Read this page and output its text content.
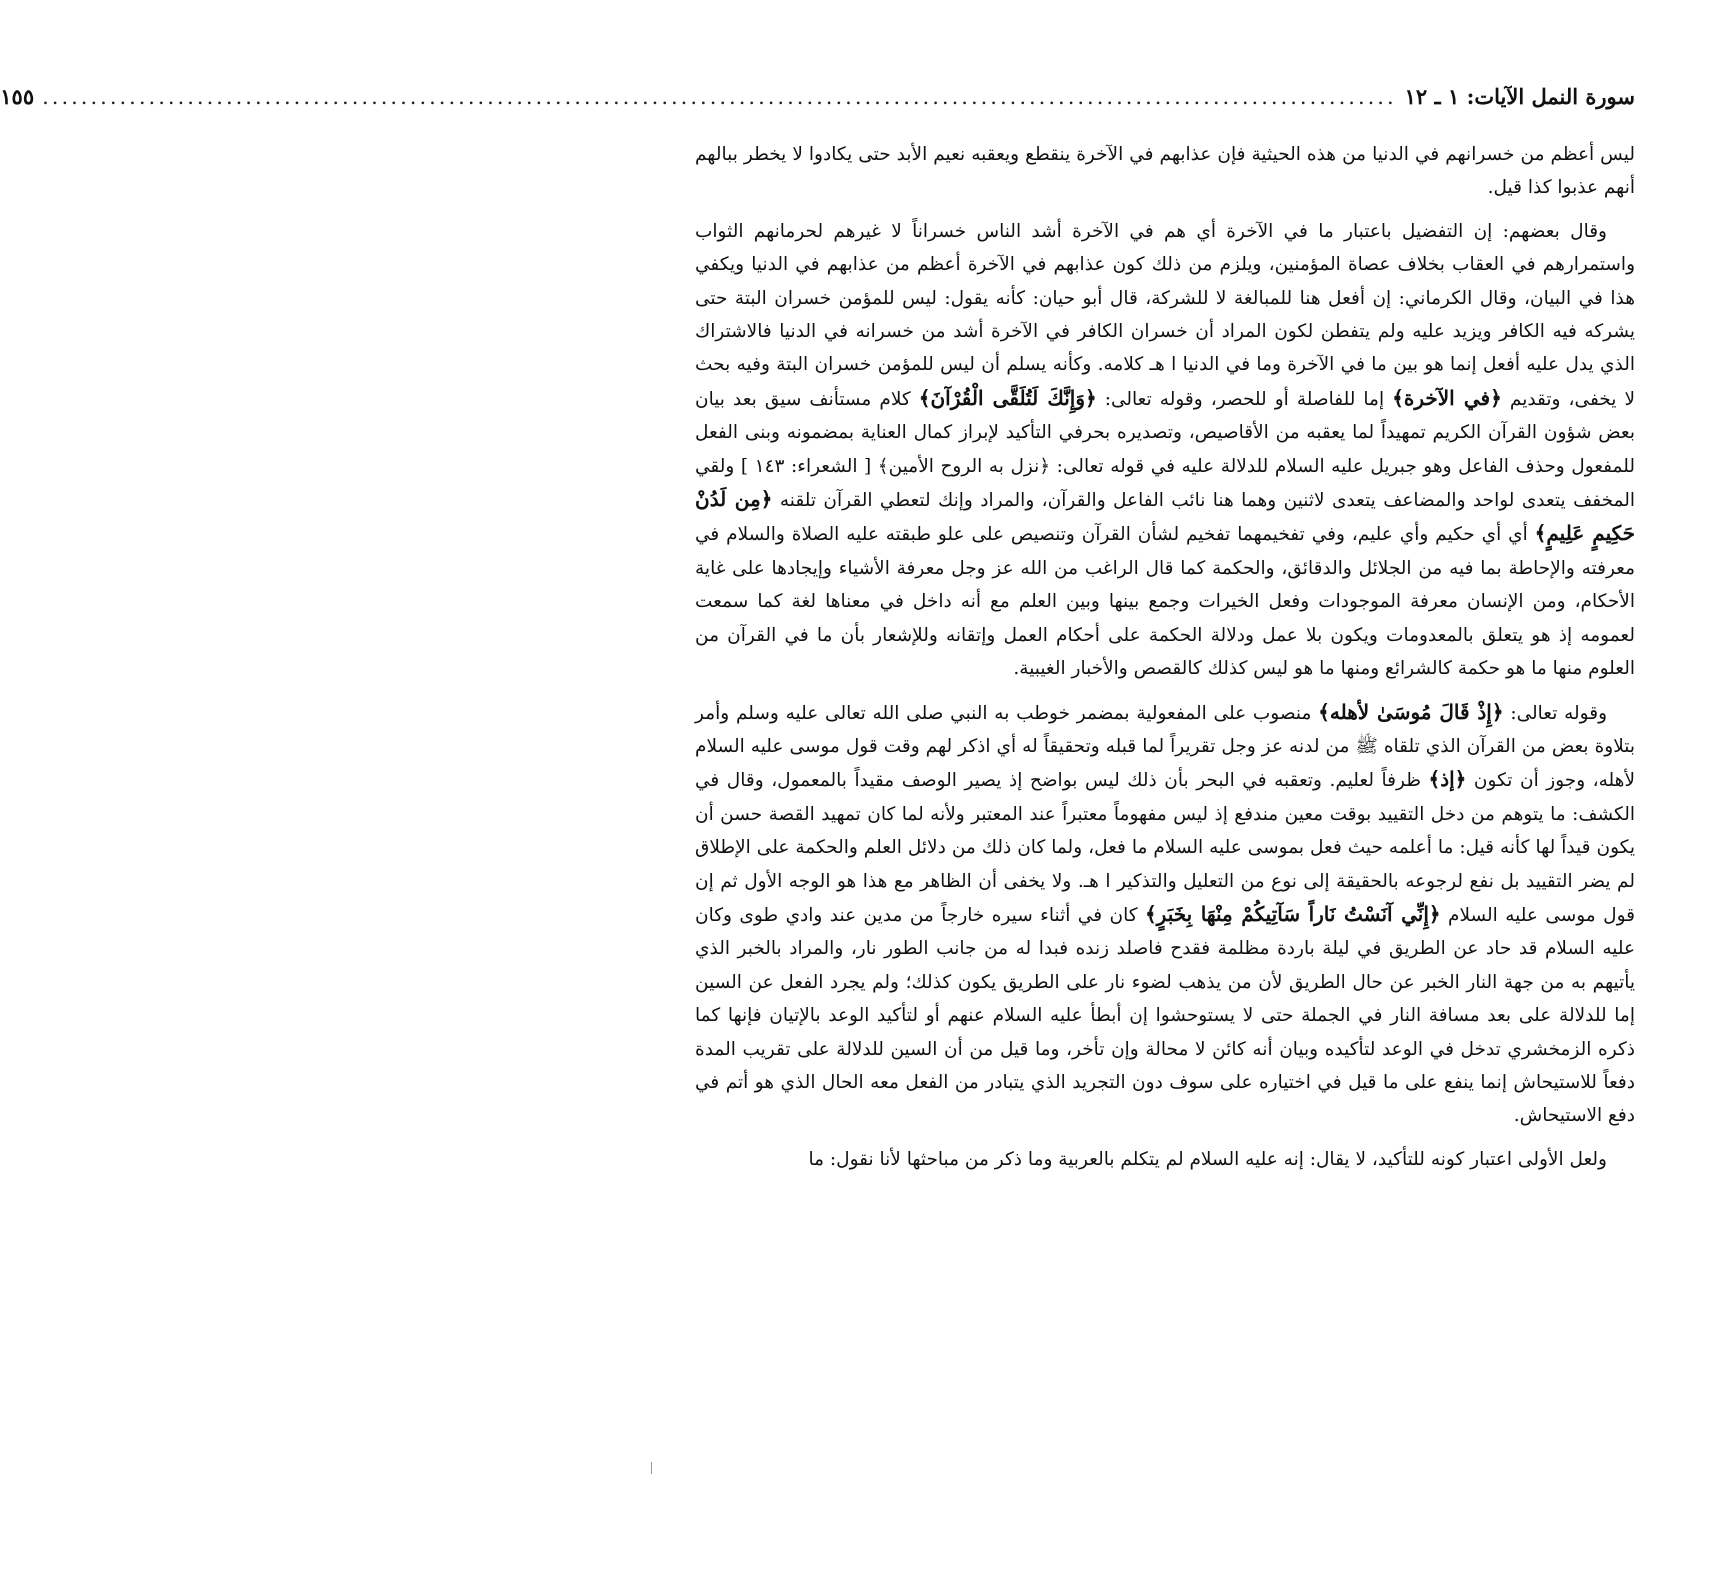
سورة النمل الآيات: ١ ـ ١٢
............................................................................................................................................
١٥٥

ليس أعظم من خسرانهم في الدنيا من هذه الحيثية فإن عذابهم في الآخرة ينقطع ويعقبه نعيم الأبد حتى يكادوا لا يخطر ببالهم أنهم عذبوا كذا قيل.

وقال بعضهم: إن التفضيل باعتبار ما في الآخرة أي هم في الآخرة أشد الناس خسراناً لا غيرهم لحرمانهم الثواب واستمرارهم في العقاب بخلاف عصاة المؤمنين، ويلزم من ذلك كون عذابهم في الآخرة أعظم من عذابهم في الدنيا ويكفي هذا في البيان، وقال الكرماني: إن أفعل هنا للمبالغة لا للشركة، قال أبو حيان: كأنه يقول: ليس للمؤمن خسران البتة حتى يشركه فيه الكافر ويزيد عليه ولم يتفطن لكون المراد أن خسران الكافر في الآخرة أشد من خسرانه في الدنيا فالاشتراك الذي يدل عليه أفعل إنما هو بين ما في الآخرة وما في الدنيا ا هـ كلامه. وكأنه يسلم أن ليس للمؤمن خسران البتة وفيه بحث لا يخفى، وتقديم ﴿في الآخرة﴾ إما للفاصلة أو للحصر، وقوله تعالى: ﴿وَإِنَّكَ لَتُلَقَّى الْقُرْآنَ﴾ كلام مستأنف سيق بعد بيان بعض شؤون القرآن الكريم تمهيداً لما يعقبه من الأقاصيص، وتصديره بحرفي التأكيد لإبراز كمال العناية بمضمونه وبنى الفعل للمفعول وحذف الفاعل وهو جبريل عليه السلام للدلالة عليه في قوله تعالى: ﴿نزل به الروح الأمين﴾ [ الشعراء: ١٤٣ ] ولقي المخفف يتعدى لواحد والمضاعف يتعدى لاثنين وهما هنا نائب الفاعل والقرآن، والمراد وإنك لتعطي القرآن تلقنه ﴿مِن لَدُنْ حَكِيمٍ عَلِيمٍ﴾ أي أي حكيم وأي عليم، وفي تفخيمهما تفخيم لشأن القرآن وتنصيص على علو طبقته عليه الصلاة والسلام في معرفته والإحاطة بما فيه من الجلائل والدقائق، والحكمة كما قال الراغب من الله عز وجل معرفة الأشياء وإيجادها على غاية الأحكام، ومن الإنسان معرفة الموجودات وفعل الخيرات وجمع بينها وبين العلم مع أنه داخل في معناها لغة كما سمعت لعمومه إذ هو يتعلق بالمعدومات ويكون بلا عمل ودلالة الحكمة على أحكام العمل وإتقانه وللإشعار بأن ما في القرآن من العلوم منها ما هو حكمة كالشرائع ومنها ما هو ليس كذلك كالقصص والأخبار الغيبية.

وقوله تعالى: ﴿إِذْ قَالَ مُوسَىٰ لأهله﴾ منصوب على المفعولية بمضمر خوطب به النبي صلى الله تعالى عليه وسلم وأمر بتلاوة بعض من القرآن الذي تلقاه ﷺ من لدنه عز وجل تقريراً لما قبله وتحقيقاً له أي اذكر لهم وقت قول موسى عليه السلام لأهله، وجوز أن تكون ﴿إذ﴾ ظرفاً لعليم. وتعقبه في البحر بأن ذلك ليس بواضح إذ يصير الوصف مقيداً بالمعمول، وقال في الكشف: ما يتوهم من دخل التقييد بوقت معين مندفع إذ ليس مفهوماً معتبراً عند المعتبر ولأنه لما كان تمهيد القصة حسن أن يكون قيداً لها كأنه قيل: ما أعلمه حيث فعل بموسى عليه السلام ما فعل، ولما كان ذلك من دلائل العلم والحكمة على الإطلاق لم يضر التقييد بل نفع لرجوعه بالحقيقة إلى نوع من التعليل والتذكير ا هـ. ولا يخفى أن الظاهر مع هذا هو الوجه الأول ثم إن قول موسى عليه السلام ﴿إِنِّي آنَسْتُ نَاراً سَآتِيكُمْ مِنْهَا بِخَبَرٍ﴾ كان في أثناء سيره خارجاً من مدين عند وادي طوى وكان عليه السلام قد حاد عن الطريق في ليلة باردة مظلمة فقدح فاصلد زنده فبدا له من جانب الطور نار، والمراد بالخبر الذي يأتيهم به من جهة النار الخبر عن حال الطريق لأن من يذهب لضوء نار على الطريق يكون كذلك؛ ولم يجرد الفعل عن السين إما للدلالة على بعد مسافة النار في الجملة حتى لا يستوحشوا إن أبطأ عليه السلام عنهم أو لتأكيد الوعد بالإتيان فإنها كما ذكره الزمخشري تدخل في الوعد لتأكيده وبيان أنه كائن لا محالة وإن تأخر، وما قيل من أن السين للدلالة على تقريب المدة دفعاً للاستيحاش إنما ينفع على ما قيل في اختياره على سوف دون التجريد الذي يتبادر من الفعل معه الحال الذي هو أتم في دفع الاستيحاش.

ولعل الأولى اعتبار كونه للتأكيد، لا يقال: إنه عليه السلام لم يتكلم بالعربية وما ذكر من مباحثها لأنا نقول: ما
